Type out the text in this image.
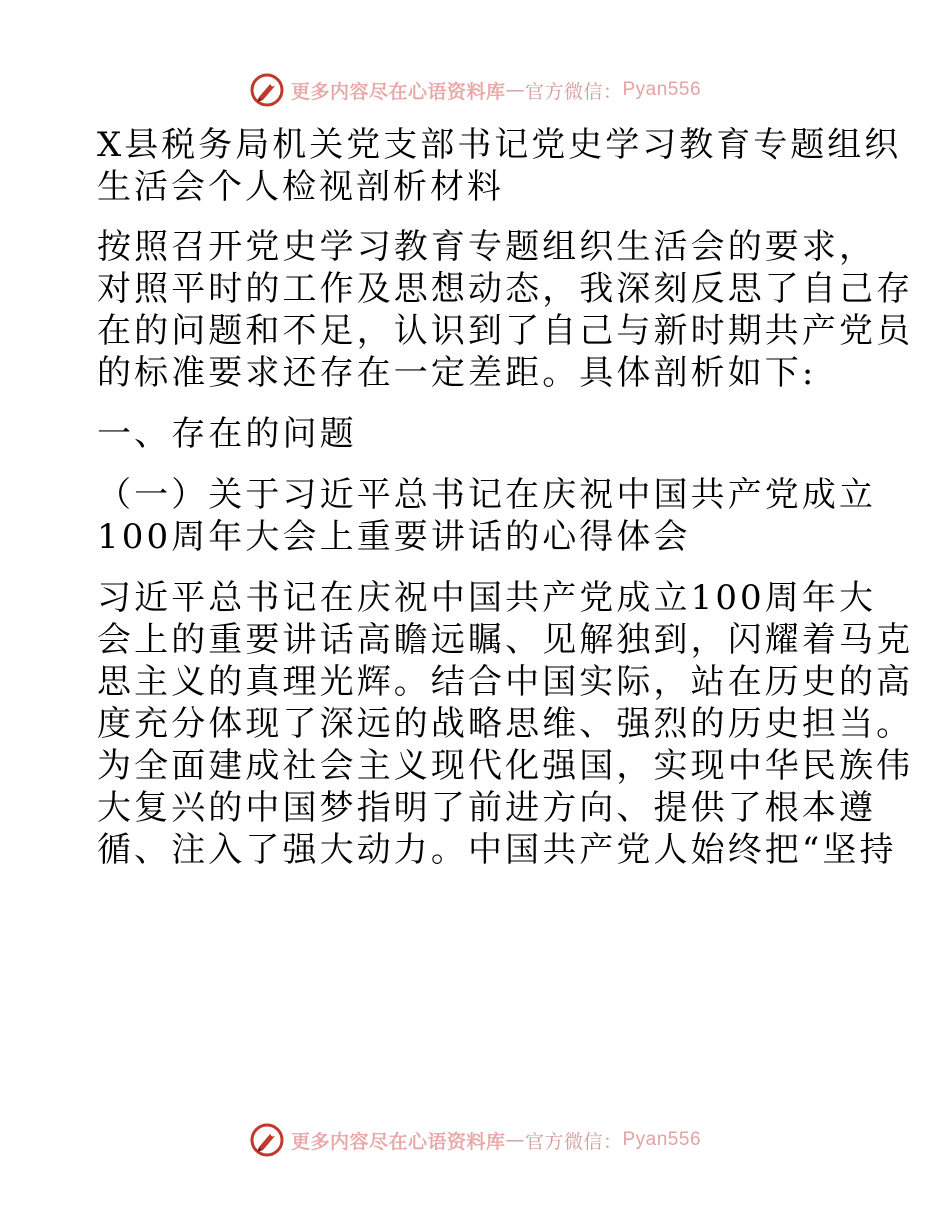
更多内容尽在心语资料库 — 官方微信： Pyan556
X县税务局机关党支部书记党史学习教育专题组织
生活会个人检视剖析材料
按照召开党史学习教育专题组织生活会的要求，
对照平时的工作及思想动态，我深刻反思了自己存
在的问题和不足，认识到了自己与新时期共产党员
的标准要求还存在一定差距。具体剖析如下:
一、存在的问题
（一）关于习近平总书记在庆祝中国共产党成立
100周年大会上重要讲话的心得体会
习近平总书记在庆祝中国共产党成立100周年大
会上的重要讲话高瞻远瞩、见解独到，闪耀着马克
思主义的真理光辉。结合中国实际，站在历史的高
度充分体现了深远的战略思维、强烈的历史担当。
为全面建成社会主义现代化强国，实现中华民族伟
大复兴的中国梦指明了前进方向、提供了根本遵
循、注入了强大动力。中国共产党人始终把“坚持
更多内容尽在心语资料库 — 官方微信： Pyan556
